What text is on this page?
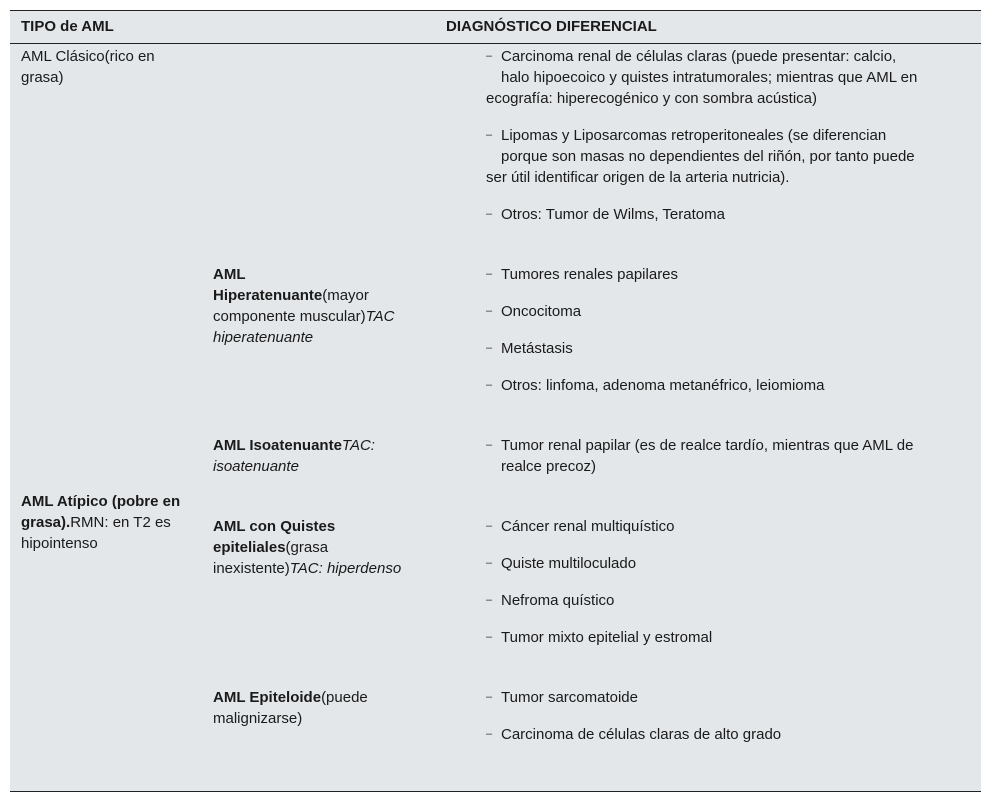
TIPO de AML	DIAGNÓSTICO DIFERENCIAL
AML Clásico(rico en grasa)
– Carcinoma renal de células claras (puede presentar: calcio,
halo hipoecoico y quistes intratumorales; mientras que AML en
ecografía: hiperecogénico y con sombra acústica)
– Lipomas y Liposarcomas retroperitoneales (se diferencian
porque son masas no dependientes del riñón, por tanto puede
ser útil identificar origen de la arteria nutricia).
– Otros: Tumor de Wilms, Teratoma
AML Atípico (pobre en grasa).RMN: en T2 es hipointenso
AML Hiperatenuante(mayor componente muscular)TAC hiperatenuante
– Tumores renales papilares
– Oncocitoma
– Metástasis
– Otros: linfoma, adenoma metanéfrico, leiomioma
AML IsoatenuanteTAC: isoatenuante
– Tumor renal papilar (es de realce tardío, mientras que AML de
realce precoz)
AML con Quistes epiteliales(grasa inexistente)TAC: hiperdenso
– Cáncer renal multiquístico
– Quiste multiloculado
– Nefroma quístico
– Tumor mixto epitelial y estromal
AML Epiteloide(puede malignizarse)
– Tumor sarcomatoide
– Carcinoma de células claras de alto grado
